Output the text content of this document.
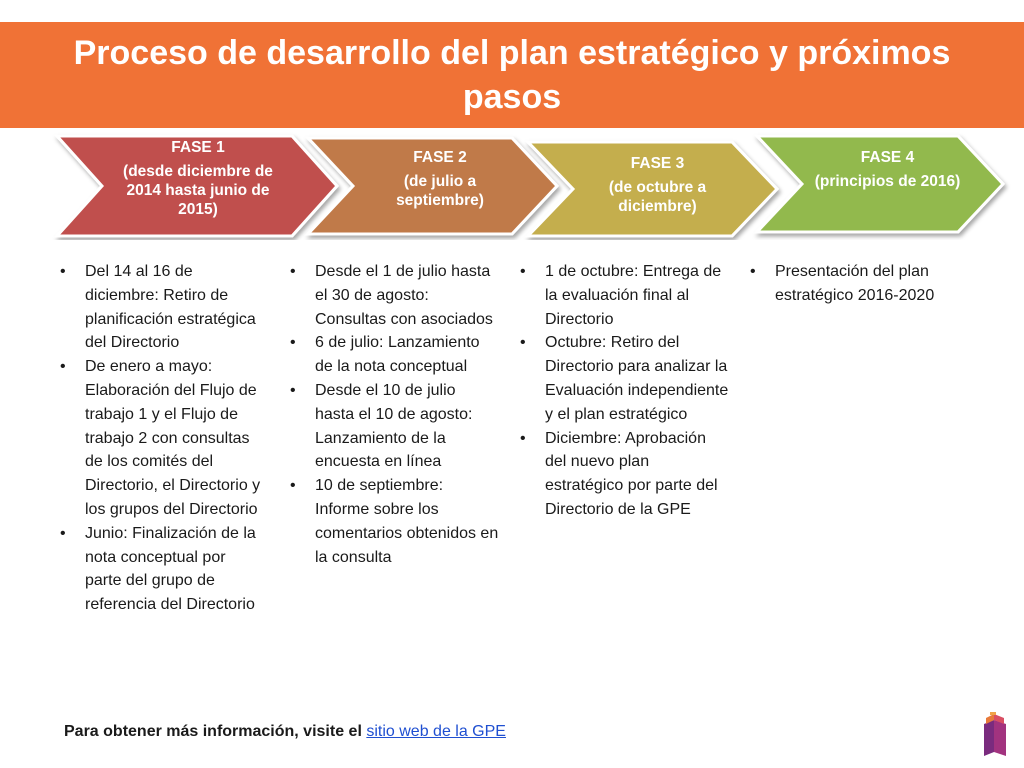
Proceso de desarrollo del plan estratégico y próximos pasos
FASE 1
(desde diciembre de 2014 hasta junio de 2015)
FASE 2
(de julio a septiembre)
FASE 3
(de octubre a diciembre)
FASE 4
(principios de 2016)
• Del 14 al 16 de diciembre: Retiro de planificación estratégica del Directorio
• De enero a mayo: Elaboración del Flujo de trabajo 1 y el Flujo de trabajo 2 con consultas de los comités del Directorio, el Directorio y los grupos del Directorio
• Junio: Finalización de la nota conceptual por parte del grupo de referencia del Directorio
• Desde el 1 de julio hasta el 30 de agosto: Consultas con asociados
• 6 de julio: Lanzamiento de la nota conceptual
• Desde el 10 de julio hasta el 10 de agosto: Lanzamiento de la encuesta en línea
• 10 de septiembre: Informe sobre los comentarios obtenidos en la consulta
• 1 de octubre: Entrega de la evaluación final al Directorio
• Octubre: Retiro del Directorio para analizar la Evaluación independiente y el plan estratégico
• Diciembre: Aprobación del nuevo plan estratégico por parte del Directorio de la GPE
• Presentación del plan estratégico 2016-2020
Para obtener más información, visite el sitio web de la GPE
